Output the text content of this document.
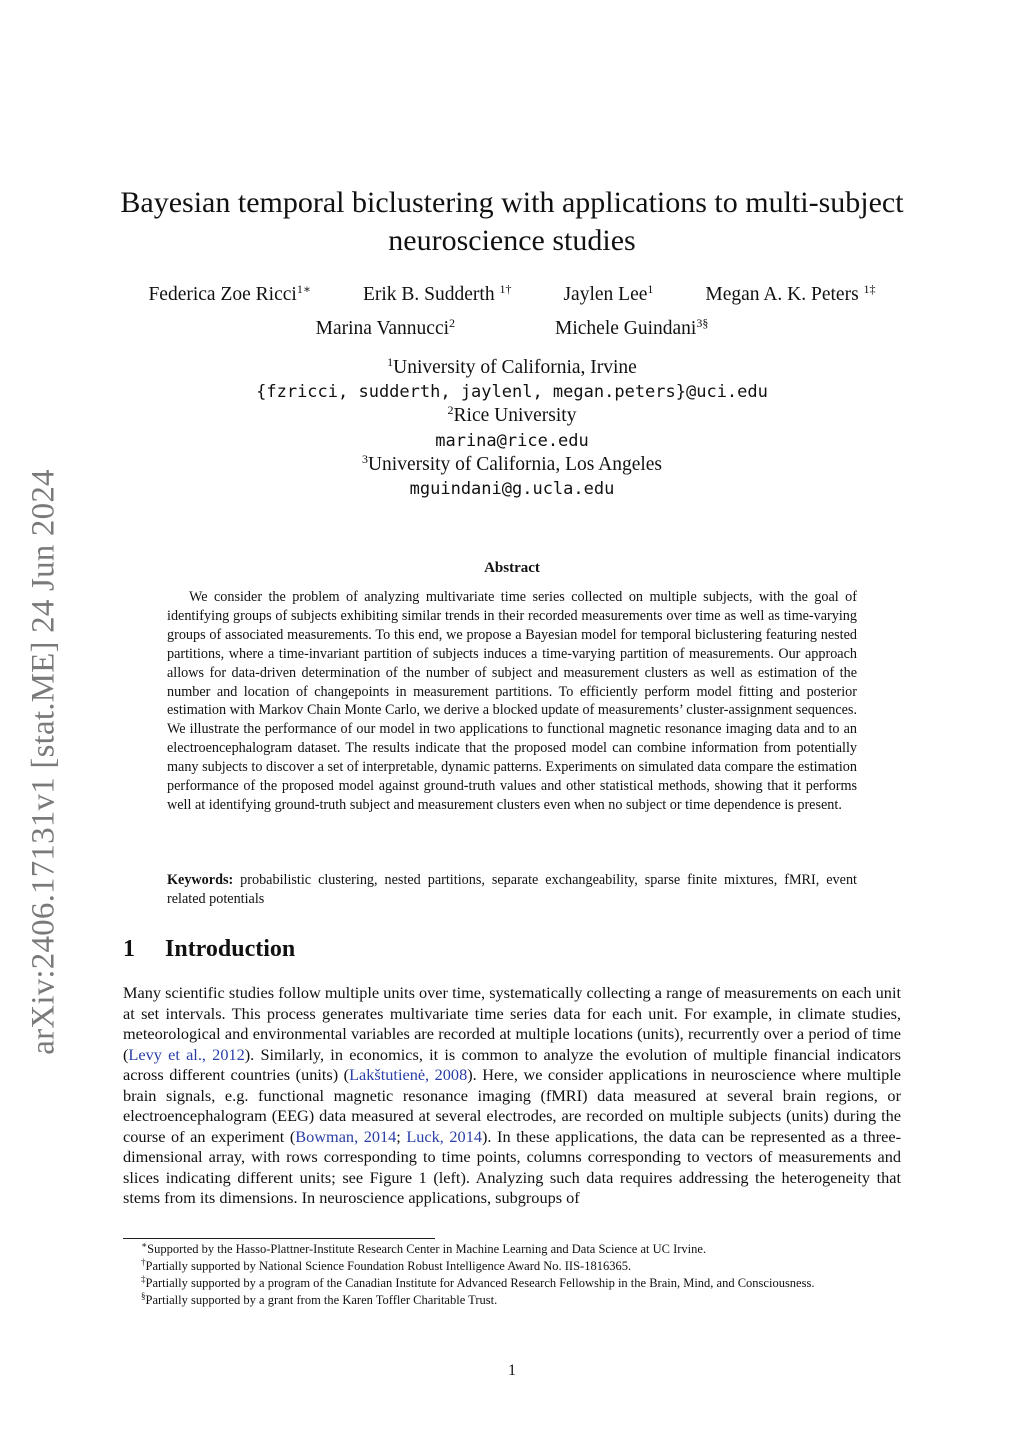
arXiv:2406.17131v1 [stat.ME] 24 Jun 2024
Bayesian temporal biclustering with applications to multi-subject
neuroscience studies
Federica Zoe Ricci$^{1∗}$	Erik B. Sudderth $^{1\dagger}$	Jaylen Lee$^1$	Megan A. K. Peters $^{1\ddagger}$
Marina Vannucci$^2$	Michele Guindani$^{3\S}$
$^1$University of California, Irvine
{fzricci, sudderth, jaylenl, megan.peters}@uci.edu
$^2$Rice University
marina@rice.edu
$^3$University of California, Los Angeles
mguindani@g.ucla.edu
Abstract

We consider the problem of analyzing multivariate time series collected on multiple subjects, with the goal of identifying groups of subjects exhibiting similar trends in their recorded measurements over time as well as time-varying groups of associated measurements. To this end, we propose a Bayesian model for temporal biclustering featuring nested partitions, where a time-invariant partition of subjects induces a time-varying partition of measurements. Our approach allows for data-driven determination of the number of subject and measurement clusters as well as estimation of the number and location of changepoints in measurement partitions. To efficiently perform model fitting and posterior estimation with Markov Chain Monte Carlo, we derive a blocked update of measurements’ cluster-assignment sequences. We illustrate the performance of our model in two applications to functional magnetic resonance imaging data and to an electroencephalogram dataset. The results indicate that the proposed model can combine information from potentially many subjects to discover a set of interpretable, dynamic patterns. Experiments on simulated data compare the estimation performance of the proposed model against ground-truth values and other statistical methods, showing that it performs well at identifying ground-truth subject and measurement clusters even when no subject or time dependence is present.

Keywords: probabilistic clustering, nested partitions, separate exchangeability, sparse finite mixtures, fMRI, event related potentials

1 Introduction

Many scientific studies follow multiple units over time, systematically collecting a range of measurements on each unit at set intervals. This process generates multivariate time series data for each unit. For example, in climate studies, meteorological and environmental variables are recorded at multiple locations (units), recurrently over a period of time (Levy et al., 2012). Similarly, in economics, it is common to analyze the evolution of multiple financial indicators across different countries (units) (Lakštutienė, 2008). Here, we consider applications in neuroscience where multiple brain signals, e.g. functional magnetic resonance imaging (fMRI) data measured at several brain regions, or electroencephalogram (EEG) data measured at several electrodes, are recorded on multiple subjects (units) during the course of an experiment (Bowman, 2014; Luck, 2014). In these applications, the data can be represented as a three-dimensional array, with rows corresponding to time points, columns corresponding to vectors of measurements and slices indicating different units; see Figure 1 (left). Analyzing such data requires addressing the heterogeneity that stems from its dimensions. In neuroscience applications, subgroups of

∗Supported by the Hasso-Plattner-Institute Research Center in Machine Learning and Data Science at UC Irvine.

†Partially supported by National Science Foundation Robust Intelligence Award No. IIS-1816365.

‡Partially supported by a program of the Canadian Institute for Advanced Research Fellowship in the Brain, Mind, and Consciousness.

§Partially supported by a grant from the Karen Toffler Charitable Trust.

1
